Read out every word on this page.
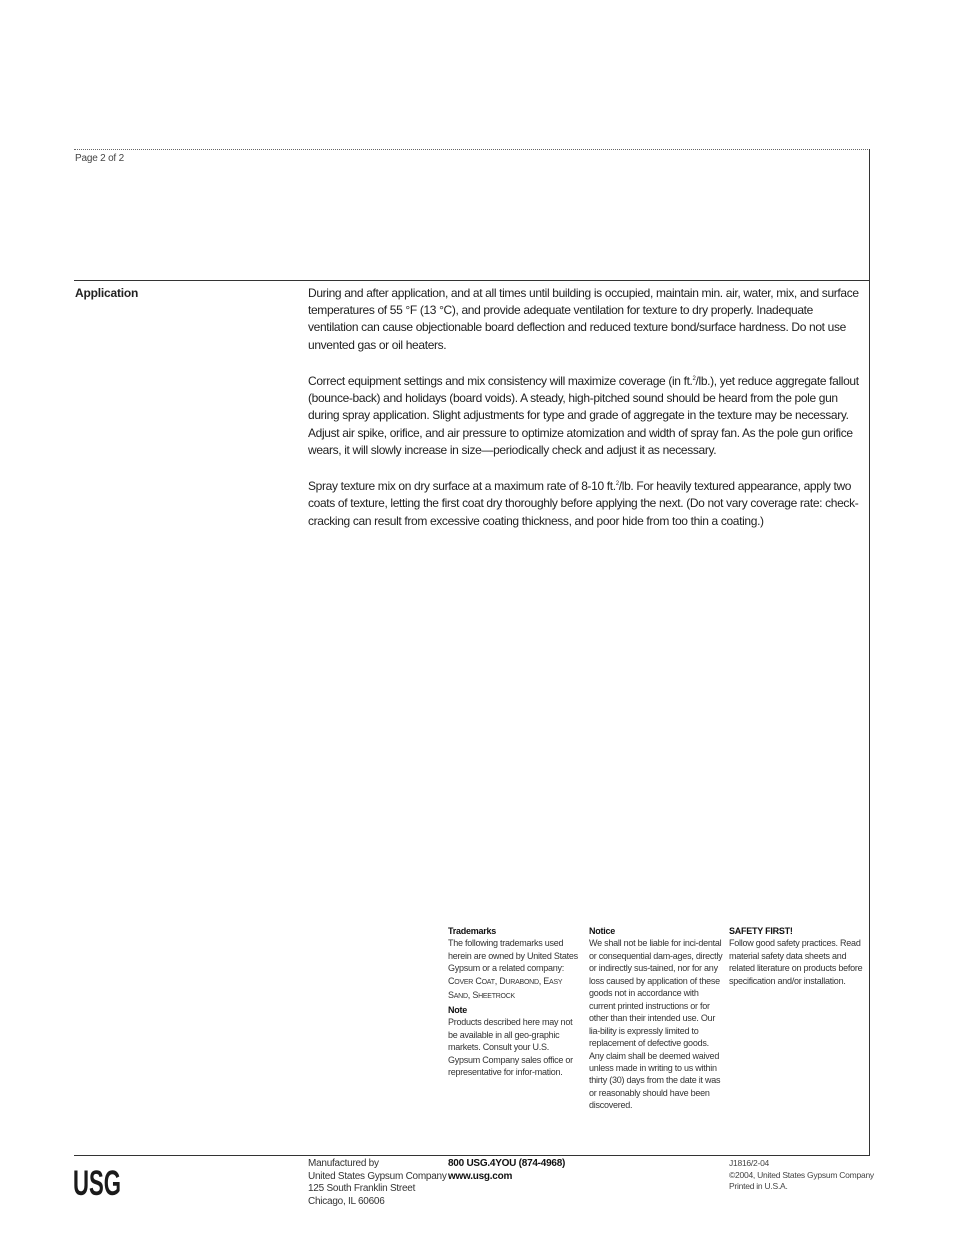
Page 2 of 2
Application	During and after application, and at all times until building is occupied, maintain min. air, water, mix, and surface temperatures of 55 °F (13 °C), and provide adequate ventilation for texture to dry properly. Inadequate ventilation can cause objectionable board deflection and reduced texture bond/surface hardness. Do not use unvented gas or oil heaters.

Correct equipment settings and mix consistency will maximize coverage (in ft.$^2$/lb.), yet reduce aggregate fallout (bounce-back) and holidays (board voids). A steady, high-pitched sound should be heard from the pole gun during spray application. Slight adjustments for type and grade of aggregate in the texture may be necessary. Adjust air spike, orifice, and air pressure to optimize atomization and width of spray fan. As the pole gun orifice wears, it will slowly increase in size—periodically check and adjust it as necessary.

Spray texture mix on dry surface at a maximum rate of 8-10 ft.$^2$/lb. For heavily textured appearance, apply two coats of texture, letting the first coat dry thoroughly before applying the next. (Do not vary coverage rate: check-cracking can result from excessive coating thickness, and poor hide from too thin a coating.)

Trademarks
The following trademarks used herein are owned by United States Gypsum or a related company: COVER COAT, DURABOND, EASY SAND, SHEETROCK
Note
Products described here may not be available in all geo-graphic markets. Consult your U.S. Gypsum Company sales office or representative for infor-mation.
Notice
We shall not be liable for inci-dental or consequential dam-ages, directly or indirectly sus-tained, nor for any loss caused by application of these goods not in accordance with current printed instructions or for other than their intended use. Our lia-bility is expressly limited to replacement of defective goods. Any claim shall be deemed waived unless made in writing to us within thirty (30) days from the date it was or reasonably should have been discovered.
SAFETY FIRST!
Follow good safety practices. Read material safety data sheets and related literature on products before specification and/or installation.
USG
Manufactured by
United States Gypsum Company
125 South Franklin Street
Chicago, IL 60606
800 USG.4YOU (874-4968)
www.usg.com
J1816/2-04
©2004, United States Gypsum Company
Printed in U.S.A.
